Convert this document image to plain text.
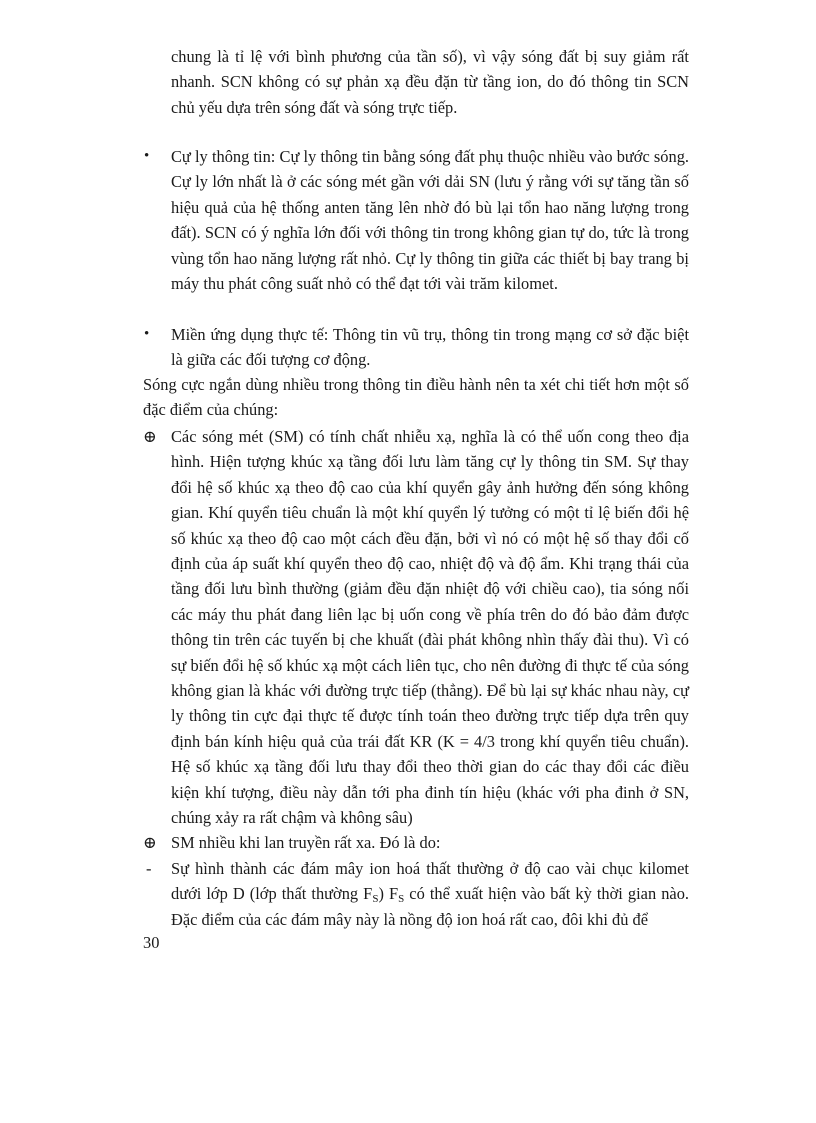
chung là tỉ lệ với bình phương của tần số), vì vậy sóng đất bị suy giảm rất nhanh. SCN không có sự phản xạ đều đặn từ tầng ion, do đó thông tin SCN chủ yếu dựa trên sóng đất và sóng trực tiếp.

• Cự ly thông tin: Cự ly thông tin bằng sóng đất phụ thuộc nhiều vào bước sóng. Cự ly lớn nhất là ở các sóng mét gần với dải SN (lưu ý rằng với sự tăng tần số hiệu quả của hệ thống anten tăng lên nhờ đó bù lại tổn hao năng lượng trong đất). SCN có ý nghĩa lớn đối với thông tin trong không gian tự do, tức là trong vùng tổn hao năng lượng rất nhỏ. Cự ly thông tin giữa các thiết bị bay trang bị máy thu phát công suất nhỏ có thể đạt tới vài trăm kilomet.

• Miền ứng dụng thực tế: Thông tin vũ trụ, thông tin trong mạng cơ sở đặc biệt là giữa các đối tượng cơ động.

Sóng cực ngắn dùng nhiều trong thông tin điều hành nên ta xét chi tiết hơn một số đặc điểm của chúng:

⊕ Các sóng mét (SM) có tính chất nhiễu xạ, nghĩa là có thể uốn cong theo địa hình. Hiện tượng khúc xạ tầng đối lưu làm tăng cự ly thông tin SM. Sự thay đổi hệ số khúc xạ theo độ cao của khí quyển gây ảnh hưởng đến sóng không gian. Khí quyển tiêu chuẩn là một khí quyển lý tưởng có một tỉ lệ biến đổi hệ số khúc xạ theo độ cao một cách đều đặn, bởi vì nó có một hệ số thay đổi cố định của áp suất khí quyển theo độ cao, nhiệt độ và độ ẩm. Khi trạng thái của tầng đối lưu bình thường (giảm đều đặn nhiệt độ với chiều cao), tia sóng nối các máy thu phát đang liên lạc bị uốn cong về phía trên do đó bảo đảm được thông tin trên các tuyến bị che khuất (đài phát không nhìn thấy đài thu). Vì có sự biến đổi hệ số khúc xạ một cách liên tục, cho nên đường đi thực tế của sóng không gian là khác với đường trực tiếp (thẳng). Để bù lại sự khác nhau này, cự ly thông tin cực đại thực tế được tính toán theo đường trực tiếp dựa trên quy định bán kính hiệu quả của trái đất KR (K = 4/3 trong khí quyển tiêu chuẩn). Hệ số khúc xạ tầng đối lưu thay đổi theo thời gian do các thay đổi các điều kiện khí tượng, điều này dẫn tới pha đinh tín hiệu (khác với pha đinh ở SN, chúng xảy ra rất chậm và không sâu)

⊕ SM nhiều khi lan truyền rất xa. Đó là do:

- Sự hình thành các đám mây ion hoá thất thường ở độ cao vài chục kilomet dưới lớp D (lớp thất thường $F_S$) $F_S$ có thể xuất hiện vào bất kỳ thời gian nào. Đặc điểm của các đám mây này là nồng độ ion hoá rất cao, đôi khi đủ để

30
